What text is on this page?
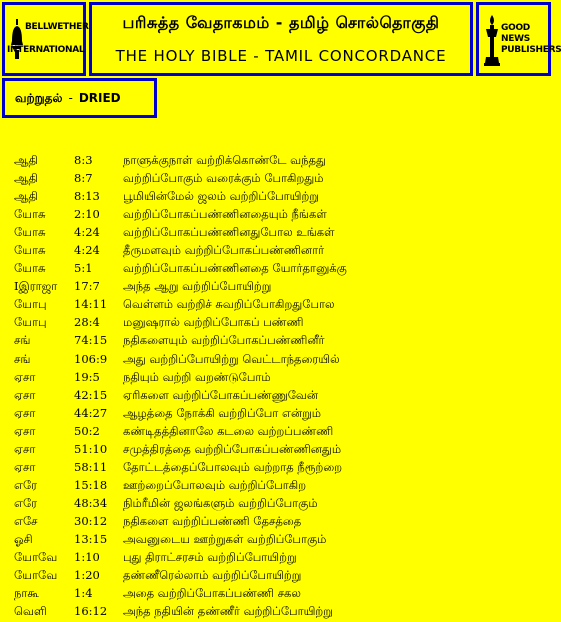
BELLWETHER
INTERNATIONAL
பரிசுத்த வேதாகமம் - தமிழ் சொல்தொகுதி
THE HOLY BIBLE - TAMIL CONCORDANCE
GOOD NEWS
PUBLISHERS
வற்றுதல் - DRIED
ஆதி	8:3	நாளுக்குநாள் வற்றிக்கொண்டே வந்தது
ஆதி	8:7	வற்றிப்போகும் வரைக்கும் போகிறதும்
ஆதி	8:13 பூமியின்மேல் ஜலம் வற்றிப்போயிற்று
யோசு 2:10 வற்றிப்போகப்பண்ணினதையும் நீங்கள்
யோசு 4:24 வற்றிப்போகப்பண்ணினதுபோல உங்கள்
யோசு 4:24 தீருமளவும் வற்றிப்போகப்பண்ணினார்
யோசு 5:1	வற்றிப்போகப்பண்ணினதை யோர்தானுக்கு
Iஇராஜா 17:7 அந்த ஆறு வற்றிப்போயிற்று
யோபு 14:11 வெள்ளம் வற்றிச் சுவறிப்போகிறதுபோல
யோபு 28:4 மனுஷரால் வற்றிப்போகப் பண்ணி
சங்	74:15 நதிகளையும் வற்றிப்போகப்பண்ணினீர்
சங்	106:9 அது வற்றிப்போயிற்று வெட்டாந்தரையில்
ஏசா	19:5 நதியும் வற்றி வறண்டுபோம்
ஏசா	42:15 ஏரிகளை வற்றிப்போகப்பண்ணுவேன்
ஏசா	44:27 ஆழத்தை நோக்கி வற்றிப்போ என்றும்
ஏசா	50:2 கண்டிதத்தினாலே கடலை வற்றப்பண்ணி
ஏசா	51:10 சமுத்திரத்தை வற்றிப்போகப்பண்ணினதும்
ஏசா	58:11 தோட்டத்தைப்போலவும் வற்றாத நீரூற்றை
எரே	15:18 ஊற்றைப்போலவும் வற்றிப்போகிற
எரே	48:34 நிம்ரீமின் ஜலங்களும் வற்றிப்போகும்
எசே	30:12 நதிகளை வற்றிப்பண்ணி தேசத்தை
ஓசி	13:15 அவனுடைய ஊற்றுகள் வற்றிப்போகும்
யோவே 1:10 புது திராட்சரசம் வற்றிப்போயிற்று
யோவே 1:20 தண்ணீரெல்லாம் வற்றிப்போயிற்று
நாகூ	1:4	அதை வற்றிப்போகப்பண்ணி சகல
வெளி 16:12 அந்த நதியின் தண்ணீர் வற்றிப்போயிற்று
